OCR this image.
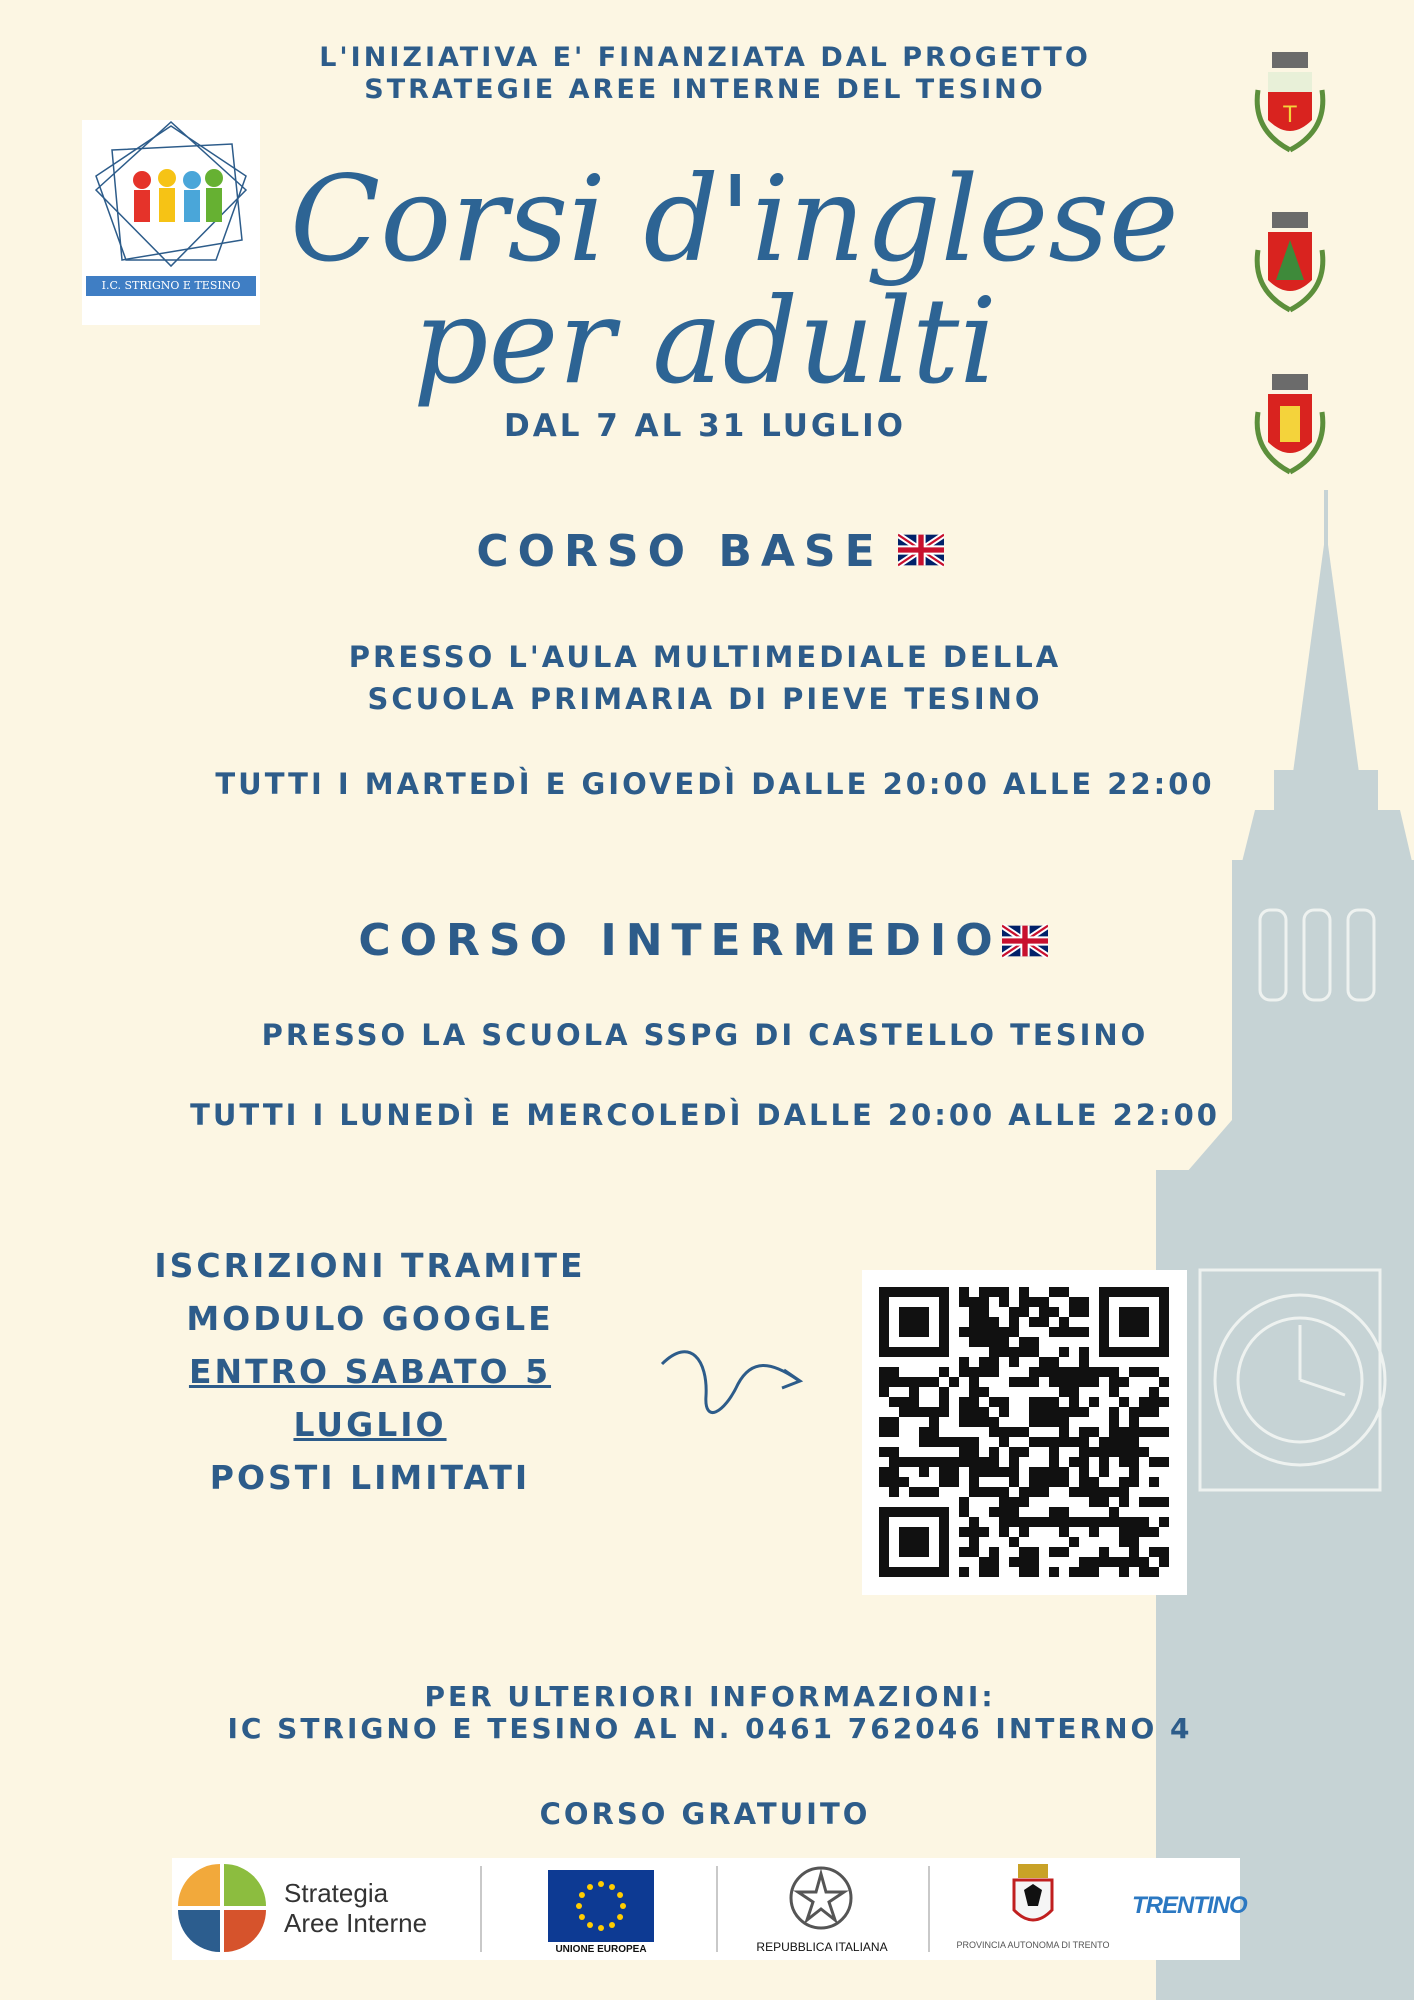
I.C. STRIGNO E TESINO
L'INIZIATIVA E' FINANZIATA DAL PROGETTO
STRATEGIE AREE INTERNE DEL TESINO
T
Corsi d'inglese
per adulti
DAL 7 AL 31 LUGLIO
CORSO BASE
PRESSO L'AULA MULTIMEDIALE DELLA
SCUOLA PRIMARIA DI PIEVE TESINO
TUTTI I MARTEDÌ E GIOVEDÌ DALLE 20:00 ALLE 22:00
CORSO INTERMEDIO
PRESSO LA SCUOLA SSPG DI CASTELLO TESINO
TUTTI I LUNEDÌ E MERCOLEDÌ DALLE 20:00 ALLE 22:00
ISCRIZIONI TRAMITE
MODULO GOOGLE
ENTRO SABATO 5
LUGLIO
POSTI LIMITATI
PER ULTERIORI INFORMAZIONI:
IC STRIGNO E TESINO AL N. 0461 762046 INTERNO 4
CORSO GRATUITO
Strategia
Aree Interne
UNIONE EUROPEA	REPUBBLICA ITALIANA	PROVINCIA AUTONOMA DI TRENTO
TRENTINO
